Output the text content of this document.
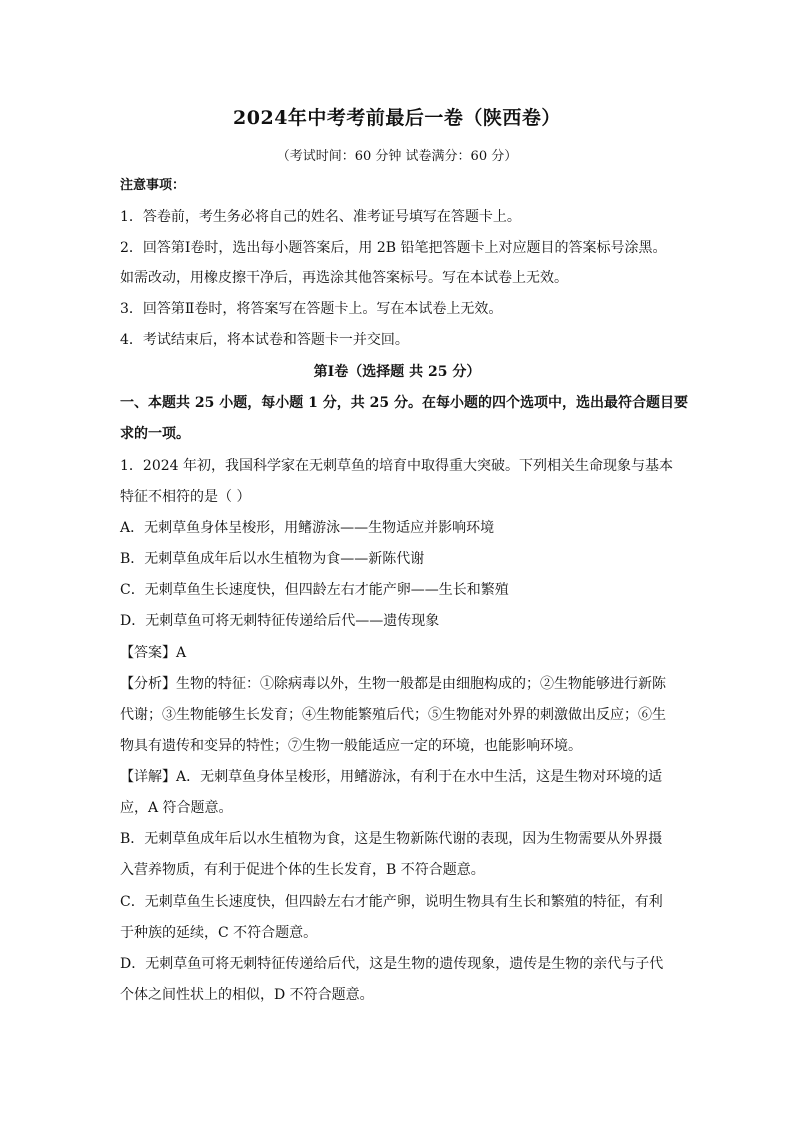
2024年中考考前最后一卷（陕西卷）
（考试时间：60 分钟 试卷满分：60 分）
注意事项：
1．答卷前，考生务必将自己的姓名、准考证号填写在答题卡上。
2．回答第Ⅰ卷时，选出每小题答案后，用 2B 铅笔把答题卡上对应题目的答案标号涂黑。
如需改动，用橡皮擦干净后，再选涂其他答案标号。写在本试卷上无效。
3．回答第Ⅱ卷时，将答案写在答题卡上。写在本试卷上无效。
4．考试结束后，将本试卷和答题卡一并交回。
第Ⅰ卷（选择题 共 25 分）
一、本题共 25 小题，每小题 1 分，共 25 分。在每小题的四个选项中，选出最符合题目要
求的一项。
1．2024 年初，我国科学家在无刺草鱼的培育中取得重大突破。下列相关生命现象与基本
特征不相符的是（ ）
A．无刺草鱼身体呈梭形，用鳍游泳——生物适应并影响环境
B．无刺草鱼成年后以水生植物为食——新陈代谢
C．无刺草鱼生长速度快，但四龄左右才能产卵——生长和繁殖
D．无刺草鱼可将无刺特征传递给后代——遗传现象
【答案】A
【分析】生物的特征：①除病毒以外，生物一般都是由细胞构成的；②生物能够进行新陈
代谢；③生物能够生长发育；④生物能繁殖后代；⑤生物能对外界的刺激做出反应；⑥生
物具有遗传和变异的特性；⑦生物一般能适应一定的环境，也能影响环境。
【详解】A．无刺草鱼身体呈梭形，用鳍游泳，有利于在水中生活，这是生物对环境的适
应，A 符合题意。
B．无刺草鱼成年后以水生植物为食，这是生物新陈代谢的表现，因为生物需要从外界摄
入营养物质，有利于促进个体的生长发育，B 不符合题意。
C．无刺草鱼生长速度快，但四龄左右才能产卵，说明生物具有生长和繁殖的特征，有利
于种族的延续，C 不符合题意。
D．无刺草鱼可将无刺特征传递给后代，这是生物的遗传现象，遗传是生物的亲代与子代
个体之间性状上的相似，D 不符合题意。
